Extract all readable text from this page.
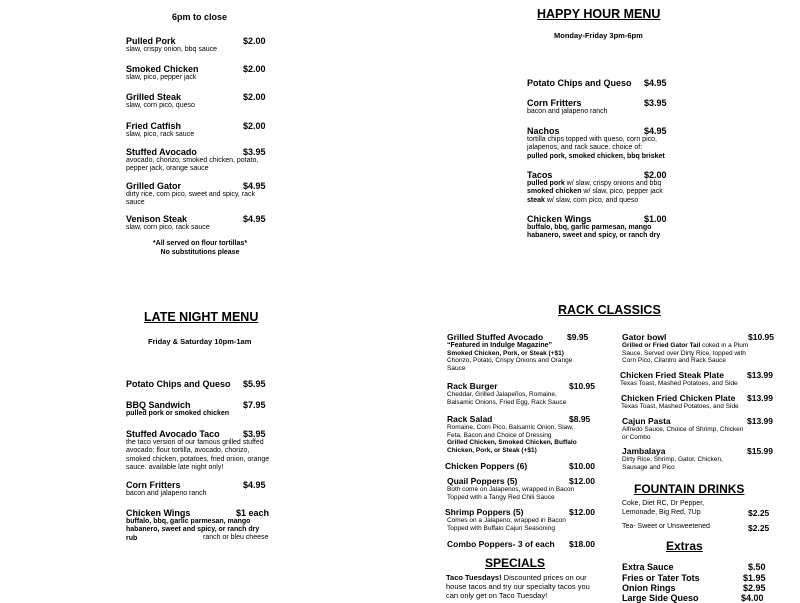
6pm to close
Pulled Pork	$2.00
slaw, crispy onion, bbq sauce
Smoked Chicken	$2.00
slaw, pico, pepper jack
Grilled Steak	$2.00
slaw, corn pico, queso
Fried Catfish	$2.00
slaw, pico, rack sauce
Stuffed Avocado	$3.95
avocado, chorizo, smoked chicken, potato, pepper jack, orange sauce
Grilled Gator	$4.95
dirty rice, corn pico, sweet and spicy, rack sauce
Venison Steak	$4.95
slaw, corn pico, rack sauce
*All served on flour tortillas*
No substitutions please
HAPPY HOUR MENU
Monday-Friday 3pm-6pm
Potato Chips and Queso	$4.95
Corn Fritters	$3.95
bacon and jalapeno ranch
Nachos	$4.95
tortilla chips topped with queso, corn pico, jalapenos, and rack sauce. choice of:
pulled pork, smoked chicken, bbq brisket
Tacos	$2.00
pulled pork w/ slaw, crispy onions and bbq
smoked chicken w/ slaw, pico, pepper jack
steak w/ slaw, corn pico, and queso
Chicken Wings	$1.00
buffalo, bbq, garlic parmesan, mango habanero, sweet and spicy, or ranch dry
LATE NIGHT MENU
Friday & Saturday 10pm-1am
Potato Chips and Queso	$5.95
BBQ Sandwich	$7.95
pulled pork or smoked chicken
Stuffed Avocado Taco	$3.95
the taco version of our famous grilled stuffed avocado: flour tortilla, avocado, chorizo, smoked chicken, potatoes, fried onion, orange sauce. available late night only!
Corn Fritters	$4.95
bacon and jalapeno ranch
Chicken Wings	$1 each
buffalo, bbq, garlic parmesan, mango habanero, sweet and spicy, or ranch dry rub	ranch or bleu cheese
RACK CLASSICS
Grilled Stuffed Avocado	$9.95
“Featured in Indulge Magazine”
Smoked Chicken, Pork, or Steak (+$1)
Chorizo, Potato, Crispy Onions and Orange Sauce
Rack Burger	$10.95
Cheddar, Grilled Jalapeños, Romaine, Balsamic Onions, Fried Egg, Rack Sauce
Rack Salad	$8.95
Romaine, Corn Pico, Balsamic Onion, Slaw, Feta, Bacon and Choice of Dressing
Grilled Chicken, Smoked Chicken, Buffalo Chicken, Pork, or Steak (+$1)
Chicken Poppers (6)	$10.00
Quail Poppers (5)	$12.00
Both come on Jalapenos, wrapped in Bacon Topped with a Tangy Red Chili Sauce
Shrimp Poppers (5)	$12.00
Comes on a Jalapeno, wrapped in Bacon Topped with Buffalo Cajun Seasoning
Combo Poppers- 3 of each	$18.00
Gator bowl	$10.95
Grilled or Fried Gator Tail coked in a Plum Sauce, Served over Dirty Rice, topped with Corn Pico, Cilantro and Rack Sauce
Chicken Fried Steak Plate	$13.99
Texas Toast, Mashed Potatoes, and Side
Chicken Fried Chicken Plate	$13.99
Texas Toast, Mashed Potatoes, and Side
Cajun Pasta	$13.99
Alfredo Sauce, Choice of Shrimp, Chicken or Combo
Jambalaya	$15.99
Dirty Rice, Shrimp, Gator, Chicken, Sausage and Pico
FOUNTAIN DRINKS
Coke, Diet RC, Dr Pepper, Lemonade, Big Red, 7Up	$2.25
Tea- Sweet or Unsweetened	$2.25
Extras
Extra Sauce	$.50
Fries or Tater Tots	$1.95
Onion Rings	$2.95
Large Side Queso	$4.00
SPECIALS
Taco Tuesdays! Discounted prices on our house tacos and try our specialty tacos you can only get on Taco Tuesday!
